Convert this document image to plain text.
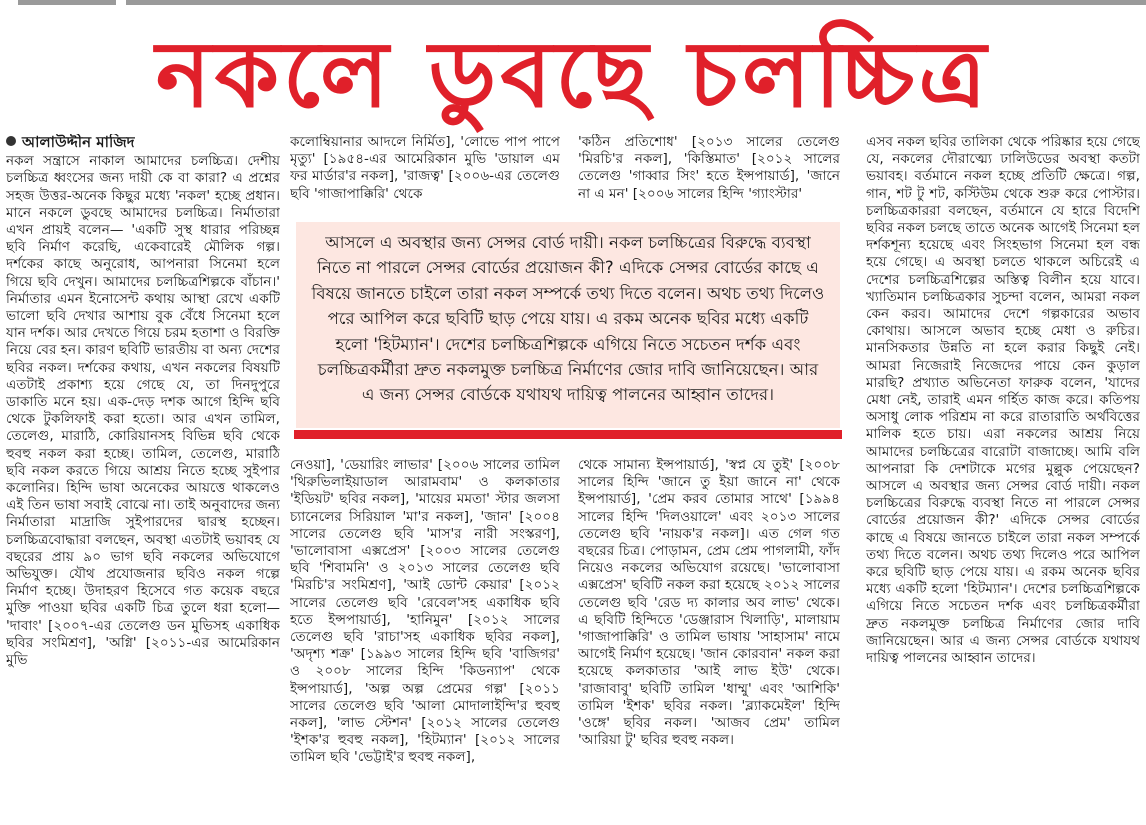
নকলে ডুবছে চলচ্চিত্র

আলাউদ্দীন মাজিদ

নকল সন্ত্রাসে নাকাল আমাদের চলচ্চিত্র। দেশীয় চলচ্চিত্র ধ্বংসের জন্য দায়ী কে বা কারা? এ প্রশ্নের সহজ উত্তর-অনেক কিছুর মধ্যে 'নকল' হচ্ছে প্রধান। মানে নকলে ডুবছে আমাদের চলচ্চিত্র। নির্মাতারা এখন প্রায়ই বলেন— 'একটি সুস্থ ধারার পরিচ্ছন্ন ছবি নির্মাণ করেছি, একেবারেই মৌলিক গল্প। দর্শকের কাছে অনুরোধ, আপনারা সিনেমা হলে গিয়ে ছবি দেখুন। আমাদের চলচ্চিত্রশিল্পকে বাঁচান।' নির্মাতার এমন ইনোসেন্ট কথায় আস্থা রেখে একটি ভালো ছবি দেখার আশায় বুক বেঁধে সিনেমা হলে যান দর্শক। আর দেখতে গিয়ে চরম হতাশা ও বিরক্তি নিয়ে বের হন। কারণ ছবিটি ভারতীয় বা অন্য দেশের ছবির নকল। দর্শকের কথায়, এখন নকলের বিষয়টি এতটাই প্রকাশ্য হয়ে গেছে যে, তা দিনদুপুরে ডাকাতি মনে হয়। এক-দেড় দশক আগে হিন্দি ছবি থেকে টুকলিফাই করা হতো। আর এখন তামিল, তেলেগু, মারাঠি, কোরিয়ানসহ বিভিন্ন ছবি থেকে হুবহু নকল করা হচ্ছে। তামিল, তেলেগু, মারাঠি ছবি নকল করতে গিয়ে আশ্রয় নিতে হচ্ছে সুইপার কলোনির। হিন্দি ভাষা অনেকের আয়ত্তে থাকলেও এই তিন ভাষা সবাই বোঝে না। তাই অনুবাদের জন্য নির্মাতারা মাদ্রাজি সুইপারদের দ্বারস্থ হচ্ছেন। চলচ্চিত্রবোদ্ধারা বলছেন, অবস্থা এতটাই ভয়াবহ যে বছরের প্রায় ৯০ ভাগ ছবি নকলের অভিযোগে অভিযুক্ত। যৌথ প্রযোজনার ছবিও নকল গল্পে নির্মাণ হচ্ছে। উদাহরণ হিসেবে গত কয়েক বছরে মুক্তি পাওয়া ছবির একটি চিত্র তুলে ধরা হলো— 'দাবাং' [২০০৭-এর তেলেগু ডন মুভিসহ একাধিক ছবির সংমিশ্রণ], 'অগ্নি' [২০১১-এর আমেরিকান মুভি

কলোম্বিয়ানার আদলে নির্মিত], 'লোভে পাপ পাপে মৃত্যু' [১৯৫৪-এর আমেরিকান মুভি 'ডায়াল এম ফর মার্ডার'র নকল], 'রাজত্ব' [২০০৬-এর তেলেগু ছবি 'গাজাপাক্কিরি' থেকে

'কঠিন প্রতিশোধ' [২০১৩ সালের তেলেগু 'মিরচি'র নকল], 'কিস্তিমাত' [২০১২ সালের তেলেগু 'গাব্বার সিং' হতে ইন্সপায়ার্ড], 'জানে না এ মন' [২০০৬ সালের হিন্দি 'গ্যাংস্টার'

আসলে এ অবস্থার জন্য সেন্সর বোর্ড দায়ী। নকল চলচ্চিত্রের বিরুদ্ধে ব্যবস্থা নিতে না পারলে সেন্সর বোর্ডের প্রয়োজন কী? এদিকে সেন্সর বোর্ডের কাছে এ বিষয়ে জানতে চাইলে তারা নকল সম্পর্কে তথ্য দিতে বলেন। অথচ তথ্য দিলেও পরে আপিল করে ছবিটি ছাড় পেয়ে যায়। এ রকম অনেক ছবির মধ্যে একটি হলো 'হিটম্যান'। দেশের চলচ্চিত্রশিল্পকে এগিয়ে নিতে সচেতন দর্শক এবং চলচ্চিত্রকর্মীরা দ্রুত নকলমুক্ত চলচ্চিত্র নির্মাণের জোর দাবি জানিয়েছেন। আর এ জন্য সেন্সর বোর্ডকে যথাযথ দায়িত্ব পালনের আহ্বান তাদের।

নেওয়া], 'ডেয়ারিং লাভার' [২০০৬ সালের তামিল 'থিরুভিলাইয়াডাল আরামবাম' ও কলকাতার 'ইডিয়ট' ছবির নকল], 'মায়ের মমতা' স্টার জলসা চ্যানেলের সিরিয়াল 'মা'র নকল], 'জান' [২০০৪ সালের তেলেগু ছবি 'মাস'র নারী সংস্করণ], 'ভালোবাসা এক্সপ্রেস' [২০০৩ সালের তেলেগু ছবি 'শিবামনি' ও ২০১৩ সালের তেলেগু ছবি 'মিরচি'র সংমিশ্রণ], 'আই ডোন্ট কেয়ার' [২০১২ সালের তেলেগু ছবি 'রেবেল'সহ একাধিক ছবি হতে ইন্সপায়ার্ড], 'হানিমুন' [২০১২ সালের তেলেগু ছবি 'রাচা'সহ একাধিক ছবির নকল], 'অদৃশ্য শক্র' [১৯৯৩ সালের হিন্দি ছবি 'বাজিগর' ও ২০০৮ সালের হিন্দি 'কিডন্যাপ' থেকে ইন্সপায়ার্ড], 'অল্প অল্প প্রেমের গল্প' [২০১১ সালের তেলেগু ছবি 'আলা মোদালাইন্দি'র হুবহু নকল], 'লাভ স্টেশন' [২০১২ সালের তেলেগু 'ইশক'র হুবহু নকল], 'হিটম্যান' [২০১২ সালের তামিল ছবি 'ভেট্টাই'র হুবহু নকল],

থেকে সামান্য ইন্সপায়ার্ড], 'স্বপ্ন যে তুই' [২০০৮ সালের হিন্দি 'জানে তু ইয়া জানে না' থেকে ইন্সপায়ার্ড], 'প্রেম করব তোমার সাথে' [১৯৯৪ সালের হিন্দি 'দিলওয়ালে' এবং ২০১৩ সালের তেলেগু ছবি 'নায়ক'র নকল]। এত গেল গত বছরের চিত্র। পোড়ামন, প্রেম প্রেম পাগলামী, ফাঁদ নিয়েও নকলের অভিযোগ রয়েছে। 'ভালোবাসা এক্সপ্রেস' ছবিটি নকল করা হয়েছে ২০১২ সালের তেলেগু ছবি 'রেড দ্য কালার অব লাভ' থেকে। এ ছবিটি হিন্দিতে 'ডেঞ্জারাস খিলাড়ি', মালায়াম 'গাজাপাক্কিরি' ও তামিল ভাষায় 'সাহাসাম' নামে আগেই নির্মাণ হয়েছে। 'জান কোরবান' নকল করা হয়েছে কলকাতার 'আই লাভ ইউ' থেকে। 'রাজাবাবু' ছবিটি তামিল 'ধাম্মু' এবং 'আশিকি' তামিল 'ইশক' ছবির নকল। 'ব্ল্যাকমেইল' হিন্দি 'ওঙ্গে' ছবির নকল। 'আজব প্রেম' তামিল 'আরিয়া টু' ছবির হুবহু নকল।

এসব নকল ছবির তালিকা থেকে পরিষ্কার হয়ে গেছে যে, নকলের দৌরাত্ম্যে ঢালিউডের অবস্থা কতটা ভয়াবহ। বর্তমানে নকল হচ্ছে প্রতিটি ক্ষেত্রে। গল্প, গান, শট টু শট, কস্টিউম থেকে শুরু করে পোস্টার। চলচ্চিত্রকাররা বলছেন, বর্তমানে যে হারে বিদেশি ছবির নকল চলছে তাতে অনেক আগেই সিনেমা হল দর্শকশূন্য হয়েছে এবং সিংহভাগ সিনেমা হল বন্ধ হয়ে গেছে। এ অবস্থা চলতে থাকলে অচিরেই এ দেশের চলচ্চিত্রশিল্পের অস্তিত্ব বিলীন হয়ে যাবে। খ্যাতিমান চলচ্চিত্রকার সুচন্দা বলেন, আমরা নকল কেন করব। আমাদের দেশে গল্পকারের অভাব কোথায়। আসলে অভাব হচ্ছে মেধা ও রুচির। মানসিকতার উন্নতি না হলে করার কিছুই নেই। আমরা নিজেরাই নিজেদের পায়ে কেন কুড়াল মারছি? প্রখ্যাত অভিনেতা ফারুক বলেন, 'যাদের মেধা নেই, তারাই এমন গর্হিত কাজ করে। কতিপয় অসাধু লোক পরিশ্রম না করে রাতারাতি অর্থবিত্তের মালিক হতে চায়। এরা নকলের আশ্রয় নিয়ে আমাদের চলচ্চিত্রের বারোটা বাজাচ্ছে। আমি বলি আপনারা কি দেশটাকে মগের মুল্লুক পেয়েছেন? আসলে এ অবস্থার জন্য সেন্সর বোর্ড দায়ী। নকল চলচ্চিত্রের বিরুদ্ধে ব্যবস্থা নিতে না পারলে সেন্সর বোর্ডের প্রয়োজন কী?' এদিকে সেন্সর বোর্ডের কাছে এ বিষয়ে জানতে চাইলে তারা নকল সম্পর্কে তথ্য দিতে বলেন। অথচ তথ্য দিলেও পরে আপিল করে ছবিটি ছাড় পেয়ে যায়। এ রকম অনেক ছবির মধ্যে একটি হলো 'হিটম্যান'। দেশের চলচ্চিত্রশিল্পকে এগিয়ে নিতে সচেতন দর্শক এবং চলচ্চিত্রকর্মীরা দ্রুত নকলমুক্ত চলচ্চিত্র নির্মাণের জোর দাবি জানিয়েছেন। আর এ জন্য সেন্সর বোর্ডকে যথাযথ দায়িত্ব পালনের আহ্বান তাদের।
